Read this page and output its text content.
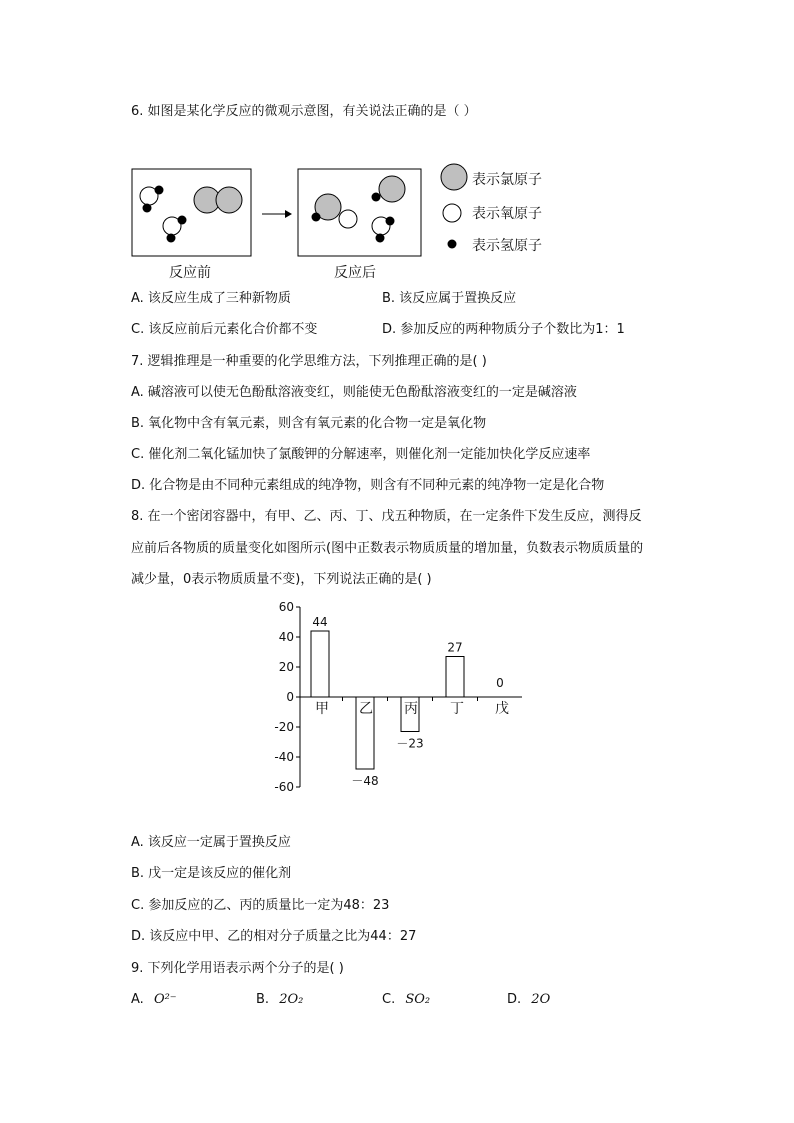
6. 如图是某化学反应的微观示意图，有关说法正确的是（ ）
反应前	反应后
表示氯原子
表示氧原子
表示氢原子
A. 该反应生成了三种新物质	B. 该反应属于置换反应
C. 该反应前后元素化合价都不变	D. 参加反应的两种物质分子个数比为1：1
7. 逻辑推理是一种重要的化学思维方法，下列推理正确的是( )
A. 碱溶液可以使无色酚酞溶液变红，则能使无色酚酞溶液变红的一定是碱溶液
B. 氧化物中含有氧元素，则含有氧元素的化合物一定是氧化物
C. 催化剂二氧化锰加快了氯酸钾的分解速率，则催化剂一定能加快化学反应速率
D. 化合物是由不同种元素组成的纯净物，则含有不同种元素的纯净物一定是化合物
8. 在一个密闭容器中，有甲、乙、丙、丁、戊五种物质，在一定条件下发生反应，测得反
应前后各物质的质量变化如图所示(图中正数表示物质质量的增加量，负数表示物质质量的
减少量，0表示物质质量不变)，下列说法正确的是( )
60
40
20
0
-20
-40
-60
44
甲
－48
乙
－23
丙
27
丁
0
戊
A. 该反应一定属于置换反应
B. 戊一定是该反应的催化剂
C. 参加反应的乙、丙的质量比一定为48：23
D. 该反应中甲、乙的相对分子质量之比为44：27
9. 下列化学用语表示两个分子的是( )
A. O²⁻	B. 2O₂	C. SO₂	D. 2O
